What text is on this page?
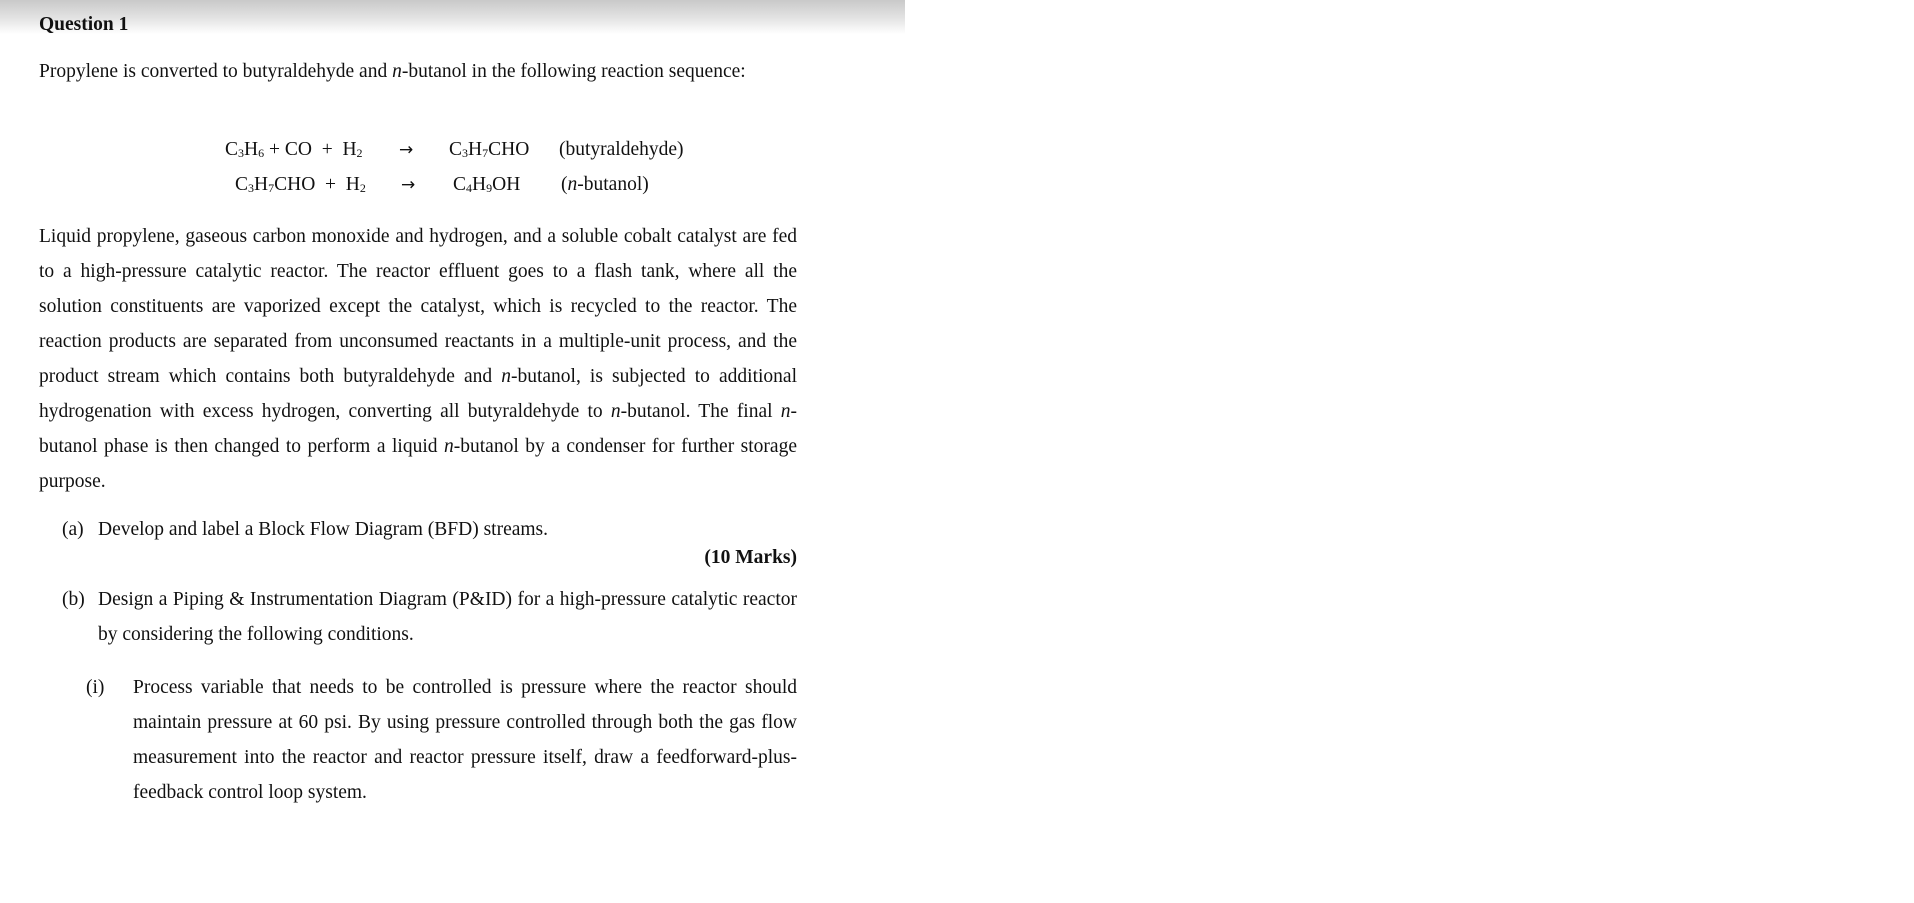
Question 1
Propylene is converted to butyraldehyde and n-butanol in the following reaction sequence:
$C_3H_6$ + CO  +  $H_2 \to C_3H_7CHO$ (butyraldehyde)
$C_3H_7CHO + H_2 \to C_4H_9OH$ (n-butanol)
Liquid propylene, gaseous carbon monoxide and hydrogen, and a soluble cobalt catalyst are fed to a high-pressure catalytic reactor. The reactor effluent goes to a flash tank, where all the solution constituents are vaporized except the catalyst, which is recycled to the reactor. The reaction products are separated from unconsumed reactants in a multiple-unit process, and the product stream which contains both butyraldehyde and n-butanol, is subjected to additional hydrogenation with excess hydrogen, converting all butyraldehyde to n-butanol. The final n-butanol phase is then changed to perform a liquid n-butanol by a condenser for further storage purpose.
(a) Develop and label a Block Flow Diagram (BFD) streams.
(10 Marks)
(b) Design a Piping & Instrumentation Diagram (P&ID) for a high-pressure catalytic reactor by considering the following conditions.
(i) Process variable that needs to be controlled is pressure where the reactor should maintain pressure at 60 psi. By using pressure controlled through both the gas flow measurement into the reactor and reactor pressure itself, draw a feedforward-plus-feedback control loop system.
